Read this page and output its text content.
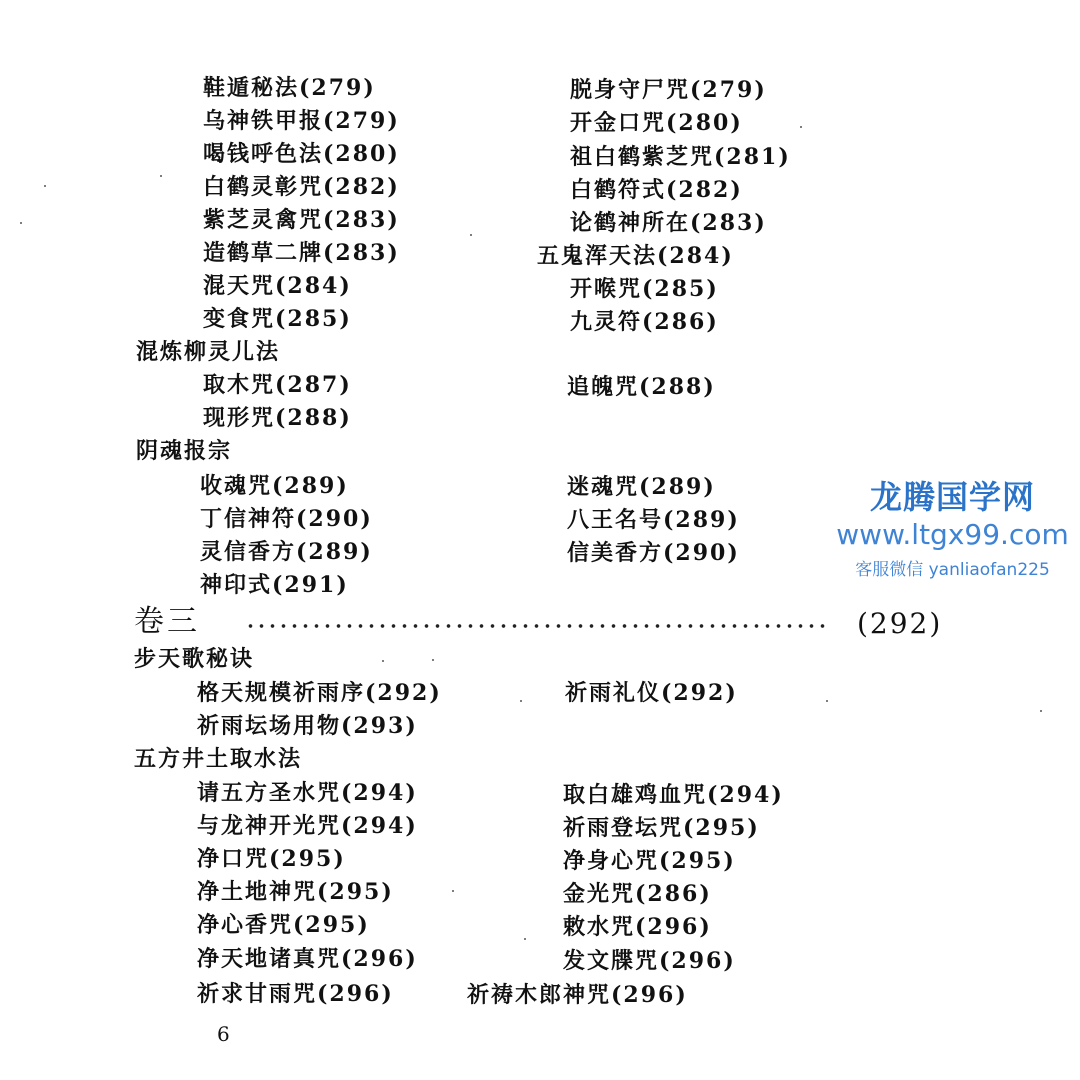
鞋遁秘法(279)	脱身守尸咒(279)
乌神铁甲报(279)	开金口咒(280)
喝钱呼色法(280)	祖白鹤紫芝咒(281)
白鹤灵彰咒(282)	白鹤符式(282)
紫芝灵禽咒(283)	论鹤神所在(283)
造鹤草二牌(283)	五鬼浑天法(284)
混天咒(284)	开喉咒(285)
变食咒(285)	九灵符(286)
混炼柳灵儿法
取木咒(287)	追魄咒(288)
现形咒(288)
阴魂报宗
收魂咒(289)	迷魂咒(289)
丁信神符(290)	八王名号(289)
灵信香方(289)	信美香方(290)
神印式(291)
卷三	(292)
步天歌秘诀
格天规模祈雨序(292)	祈雨礼仪(292)
祈雨坛场用物(293)
五方井土取水法
请五方圣水咒(294)	取白雄鸡血咒(294)
与龙神开光咒(294)	祈雨登坛咒(295)
净口咒(295)	净身心咒(295)
净土地神咒(295)	金光咒(286)
净心香咒(295)	敕水咒(296)
净天地诸真咒(296)	发文牒咒(296)
祈求甘雨咒(296)	祈祷木郎神咒(296)
6
龙腾国学网
www.ltgx99.com
客服微信 yanliaofan225
